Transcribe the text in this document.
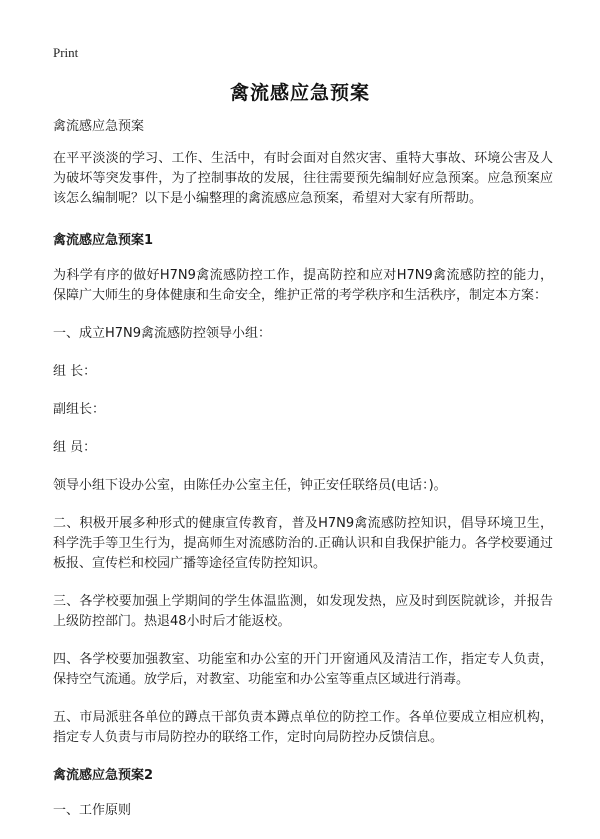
Print
禽流感应急预案

禽流感应急预案

在平平淡淡的学习、工作、生活中，有时会面对自然灾害、重特大事故、环境公害及人为破坏等突发事件，为了控制事故的发展，往往需要预先编制好应急预案。应急预案应该怎么编制呢？以下是小编整理的禽流感应急预案，希望对大家有所帮助。

禽流感应急预案1

为科学有序的做好H7N9禽流感防控工作，提高防控和应对H7N9禽流感防控的能力，保障广大师生的身体健康和生命安全，维护正常的考学秩序和生活秩序，制定本方案：

一、成立H7N9禽流感防控领导小组：

组 长：

副组长：

组 员：

领导小组下设办公室，由陈任办公室主任，钟正安任联络员(电话：)。

二、积极开展多种形式的健康宣传教育，普及H7N9禽流感防控知识，倡导环境卫生，科学洗手等卫生行为，提高师生对流感防治的.正确认识和自我保护能力。各学校要通过板报、宣传栏和校园广播等途径宣传防控知识。

三、各学校要加强上学期间的学生体温监测，如发现发热，应及时到医院就诊，并报告上级防控部门。热退48小时后才能返校。

四、各学校要加强教室、功能室和办公室的开门开窗通风及清洁工作，指定专人负责，保持空气流通。放学后，对教室、功能室和办公室等重点区域进行消毒。

五、市局派驻各单位的蹲点干部负责本蹲点单位的防控工作。各单位要成立相应机构，指定专人负责与市局防控办的联络工作，定时向局防控办反馈信息。

禽流感应急预案2

一、工作原则
